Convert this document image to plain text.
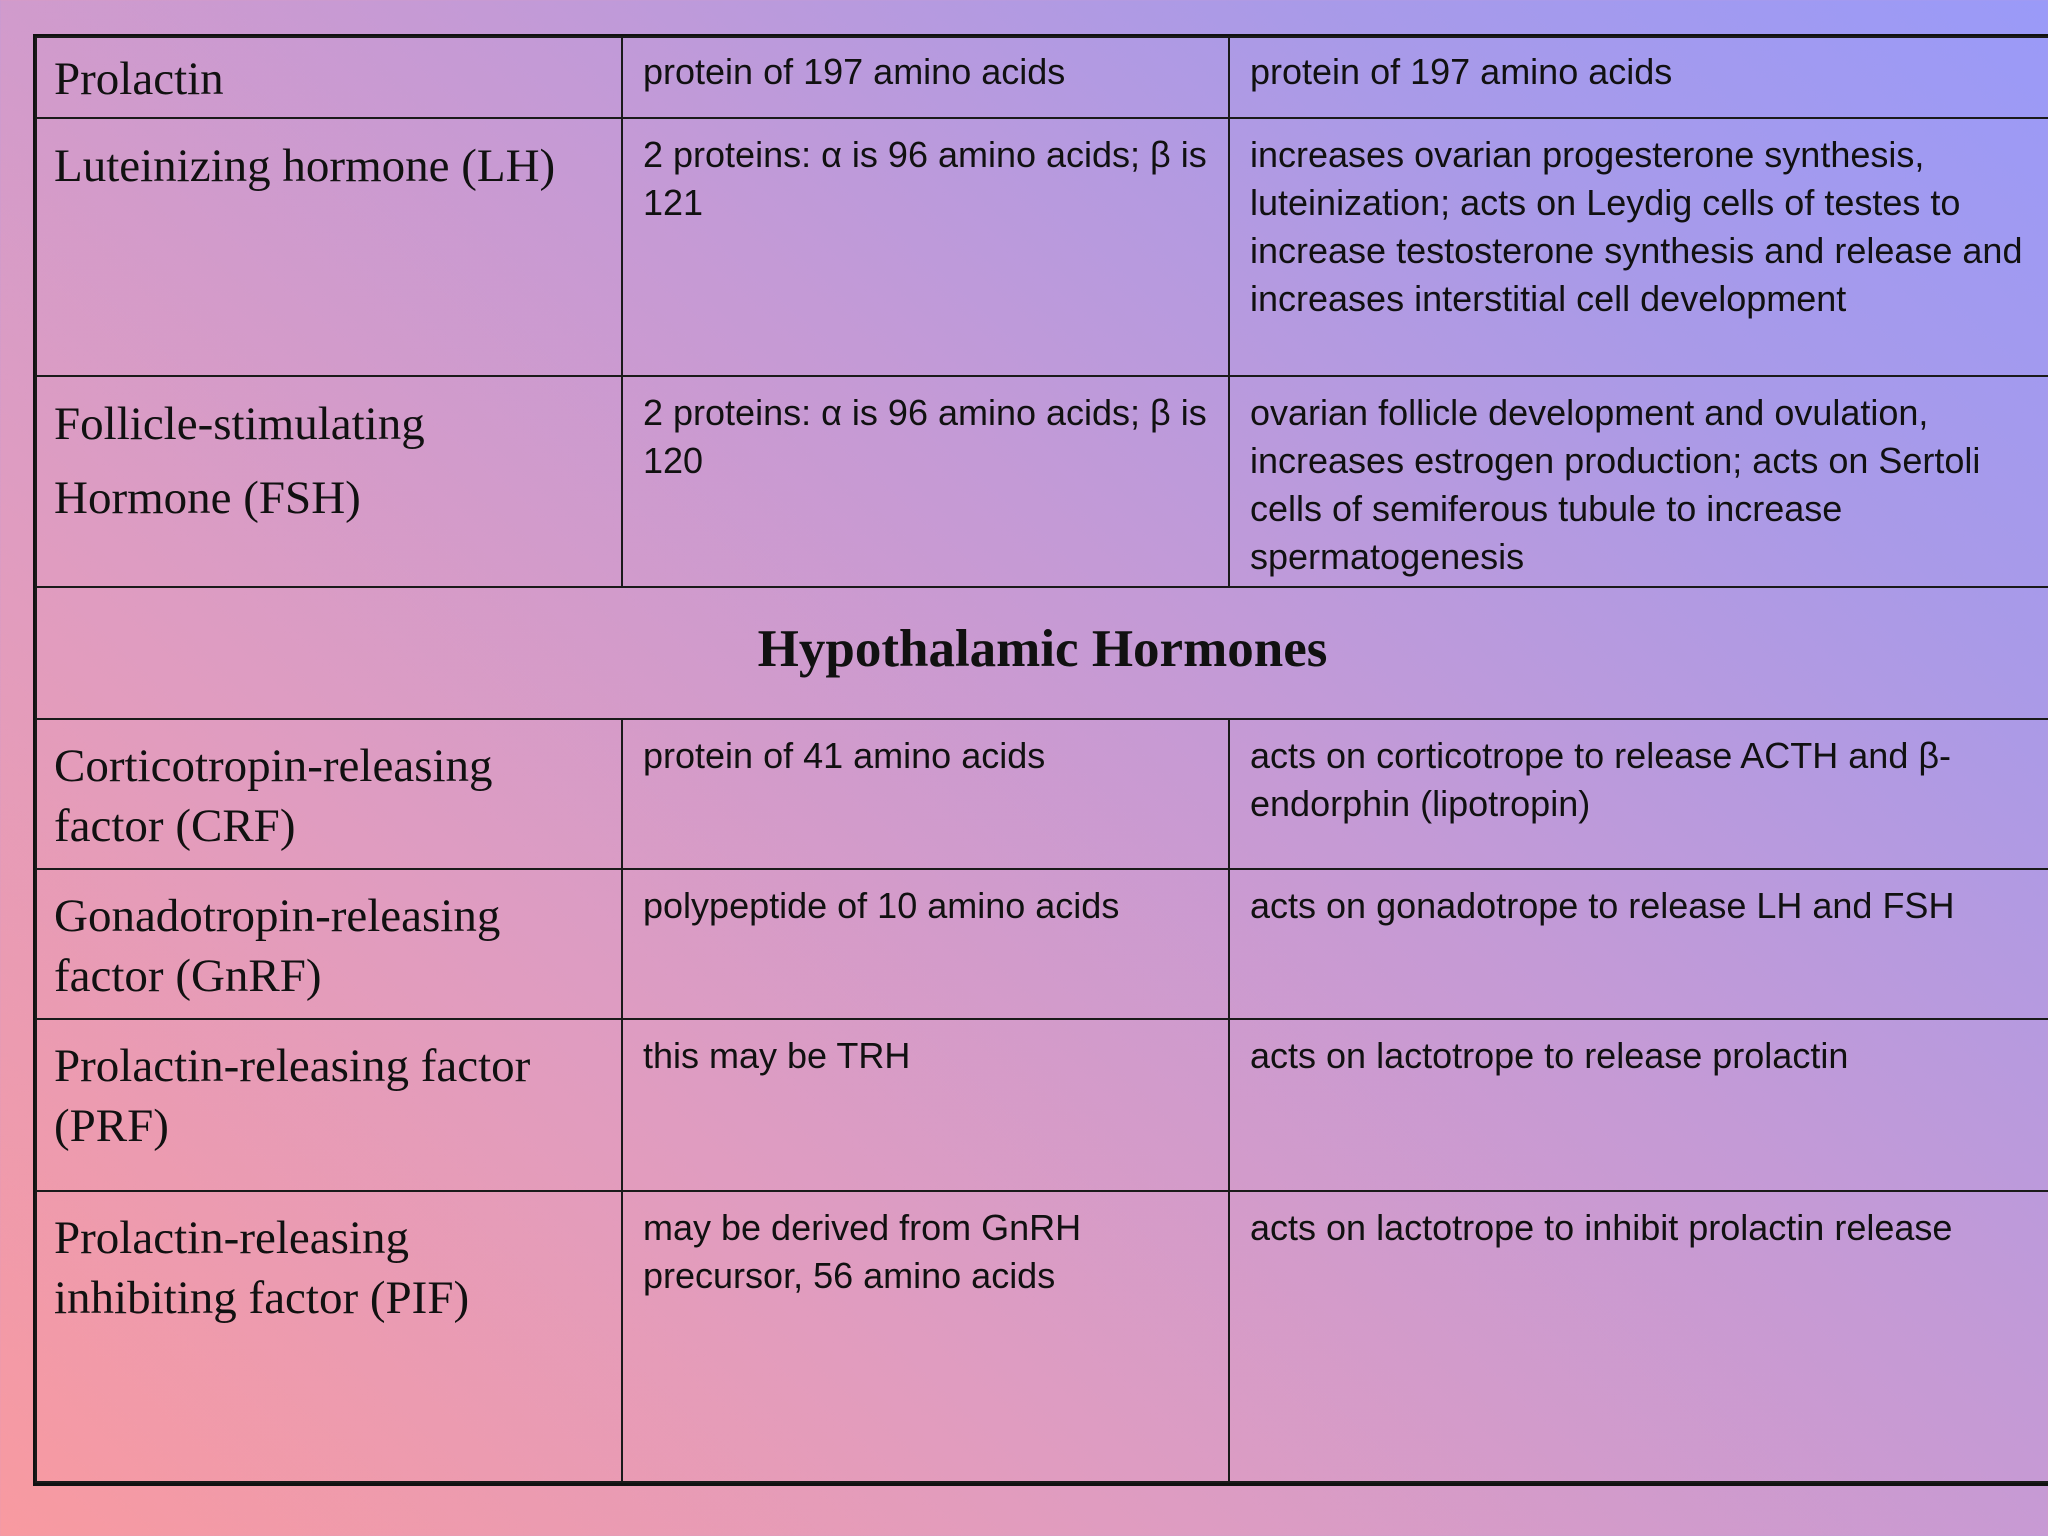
Prolactin	protein of 197 amino acids	protein of 197 amino acids
Luteinizing hormone (LH)	2 proteins: α is 96 amino acids; β is 121	increases ovarian progesterone synthesis, luteinization; acts on Leydig cells of testes to increase testosterone synthesis and release and increases interstitial cell development
Follicle-stimulating Hormone (FSH)	2 proteins: α is 96 amino acids; β is 120	ovarian follicle development and ovulation, increases estrogen production; acts on Sertoli cells of semiferous tubule to increase spermatogenesis
Hypothalamic Hormones		
Corticotropin-releasing factor (CRF)	protein of 41 amino acids	acts on corticotrope to release ACTH and β-endorphin (lipotropin)
Gonadotropin-releasing factor (GnRF)	polypeptide of 10 amino acids	acts on gonadotrope to release LH and FSH
Prolactin-releasing factor (PRF)	this may be TRH	acts on lactotrope to release prolactin
Prolactin-releasing inhibiting factor (PIF)	may be derived from GnRH precursor, 56 amino acids	acts on lactotrope to inhibit prolactin release
